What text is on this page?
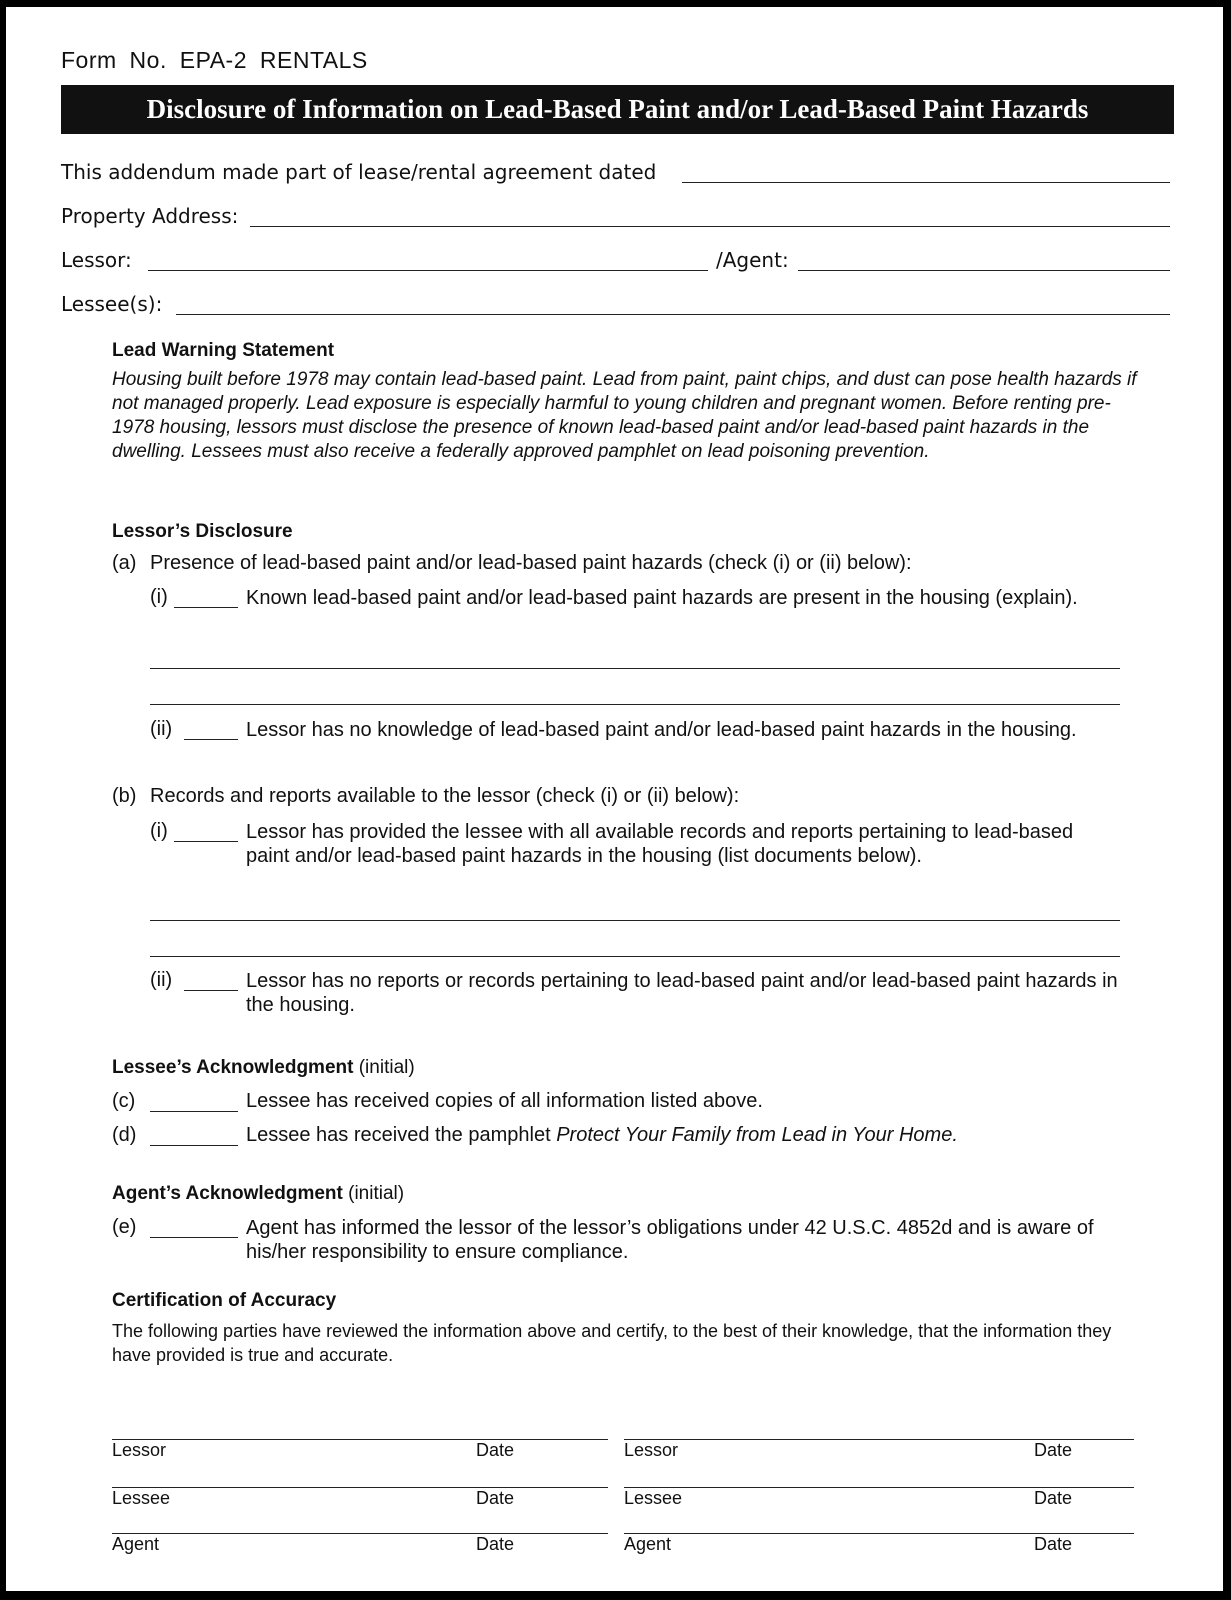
Form No. EPA-2 RENTALS
Disclosure of Information on Lead-Based Paint and/or Lead-Based Paint Hazards
This addendum made part of lease/rental agreement dated
Property Address:
Lessor:	/Agent:
Lessee(s):
Lead Warning Statement
Housing built before 1978 may contain lead-based paint. Lead from paint, paint chips, and dust can pose health hazards if not managed properly. Lead exposure is especially harmful to young children and pregnant women. Before renting pre-1978 housing, lessors must disclose the presence of known lead-based paint and/or lead-based paint hazards in the dwelling. Lessees must also receive a federally approved pamphlet on lead poisoning prevention.
Lessor’s Disclosure
(a) Presence of lead-based paint and/or lead-based paint hazards (check (i) or (ii) below):
(i)	Known lead-based paint and/or lead-based paint hazards are present in the housing (explain).
(ii)	Lessor has no knowledge of lead-based paint and/or lead-based paint hazards in the housing.
(b) Records and reports available to the lessor (check (i) or (ii) below):
(i)	Lessor has provided the lessee with all available records and reports pertaining to lead-based paint and/or lead-based paint hazards in the housing (list documents below).
(ii)	Lessor has no reports or records pertaining to lead-based paint and/or lead-based paint hazards in the housing.
Lessee’s Acknowledgment (initial)
(c)	Lessee has received copies of all information listed above.
(d)	Lessee has received the pamphlet Protect Your Family from Lead in Your Home.
Agent’s Acknowledgment (initial)
(e)	Agent has informed the lessor of the lessor’s obligations under 42 U.S.C. 4852d and is aware of his/her responsibility to ensure compliance.
Certification of Accuracy
The following parties have reviewed the information above and certify, to the best of their knowledge, that the information they have provided is true and accurate.
Lessor	Date
Lessee	Date
Agent	Date
Lessor	Date
Lessee	Date
Agent	Date
